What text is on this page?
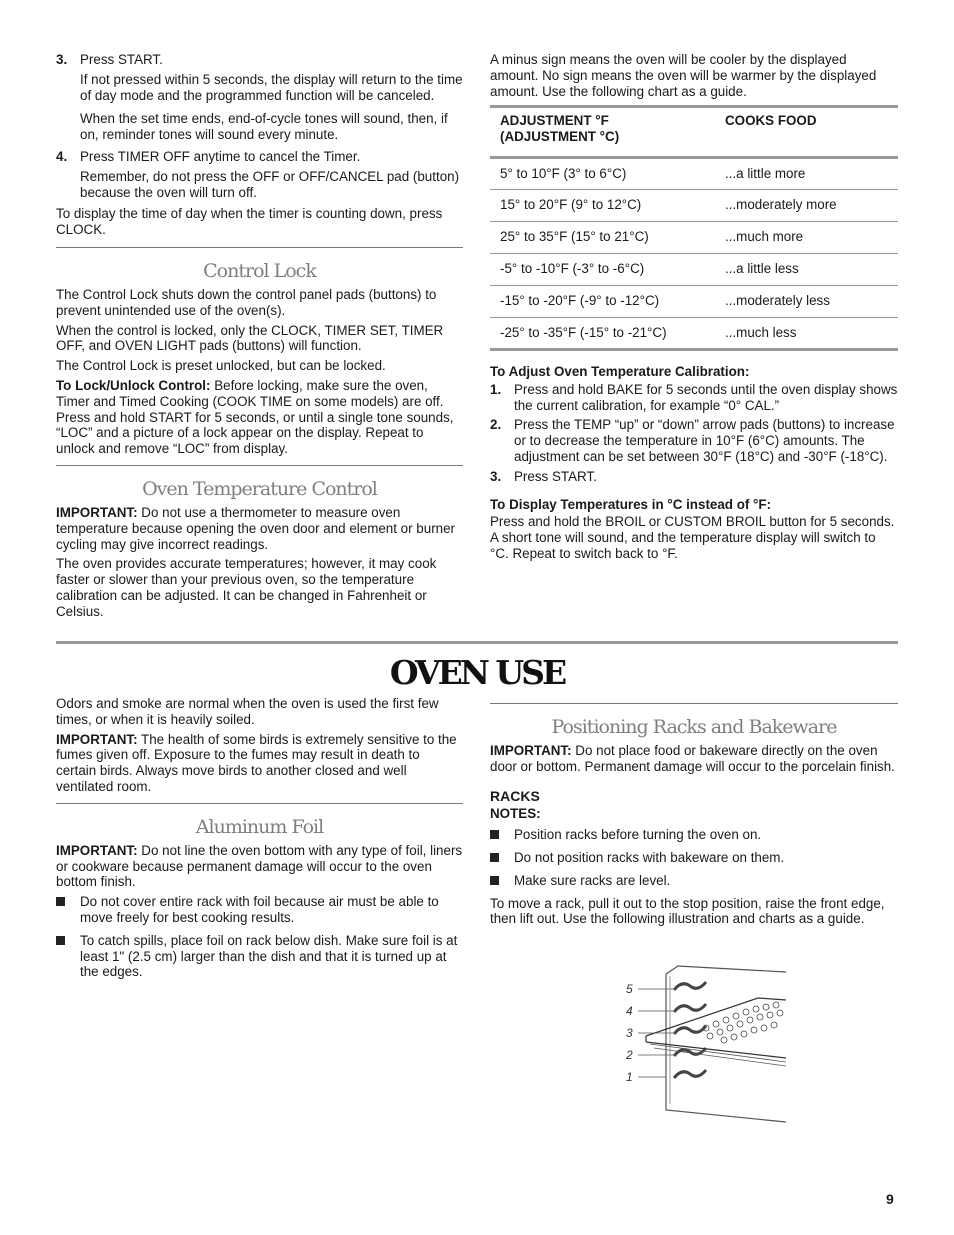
3. Press START.

If not pressed within 5 seconds, the display will return to the time of day mode and the programmed function will be canceled.

When the set time ends, end-of-cycle tones will sound, then, if on, reminder tones will sound every minute.

4. Press TIMER OFF anytime to cancel the Timer.

Remember, do not press the OFF or OFF/CANCEL pad (button) because the oven will turn off.

To display the time of day when the timer is counting down, press CLOCK.

Control Lock

The Control Lock shuts down the control panel pads (buttons) to prevent unintended use of the oven(s).

When the control is locked, only the CLOCK, TIMER SET, TIMER OFF, and OVEN LIGHT pads (buttons) will function.

The Control Lock is preset unlocked, but can be locked.

To Lock/Unlock Control: Before locking, make sure the oven, Timer and Timed Cooking (COOK TIME on some models) are off. Press and hold START for 5 seconds, or until a single tone sounds, “LOC” and a picture of a lock appear on the display. Repeat to unlock and remove “LOC” from display.

Oven Temperature Control

IMPORTANT: Do not use a thermometer to measure oven temperature because opening the oven door and element or burner cycling may give incorrect readings.

The oven provides accurate temperatures; however, it may cook faster or slower than your previous oven, so the temperature calibration can be adjusted. It can be changed in Fahrenheit or Celsius.

A minus sign means the oven will be cooler by the displayed amount. No sign means the oven will be warmer by the displayed amount. Use the following chart as a guide.

ADJUSTMENT °F
(ADJUSTMENT °C)	COOKS FOOD
5° to 10°F (3° to 6°C)	...a little more
15° to 20°F (9° to 12°C)	...moderately more
25° to 35°F (15° to 21°C)	...much more
-5° to -10°F (-3° to -6°C)	...a little less
-15° to -20°F (-9° to -12°C)	...moderately less
-25° to -35°F (-15° to -21°C)	...much less
To Adjust Oven Temperature Calibration:
1. Press and hold BAKE for 5 seconds until the oven display shows the current calibration, for example “0° CAL.”
2. Press the TEMP “up” or “down” arrow pads (buttons) to increase or to decrease the temperature in 10°F (6°C) amounts. The adjustment can be set between 30°F (18°C) and -30°F (-18°C).
3. Press START.
To Display Temperatures in °C instead of °F:

Press and hold the BROIL or CUSTOM BROIL button for 5 seconds. A short tone will sound, and the temperature display will switch to °C. Repeat to switch back to °F.

OVEN USE

Odors and smoke are normal when the oven is used the first few times, or when it is heavily soiled.

IMPORTANT: The health of some birds is extremely sensitive to the fumes given off. Exposure to the fumes may result in death to certain birds. Always move birds to another closed and well ventilated room.

Aluminum Foil

IMPORTANT: Do not line the oven bottom with any type of foil, liners or cookware because permanent damage will occur to the oven bottom finish.

Do not cover entire rack with foil because air must be able to move freely for best cooking results.
To catch spills, place foil on rack below dish. Make sure foil is at least 1" (2.5 cm) larger than the dish and that it is turned up at the edges.
Positioning Racks and Bakeware

IMPORTANT: Do not place food or bakeware directly on the oven door or bottom. Permanent damage will occur to the porcelain finish.

RACKS
NOTES:
Position racks before turning the oven on.
Do not position racks with bakeware on them.
Make sure racks are level.

To move a rack, pull it out to the stop position, raise the front edge, then lift out. Use the following illustration and charts as a guide.

5
4
3
2
1
9
